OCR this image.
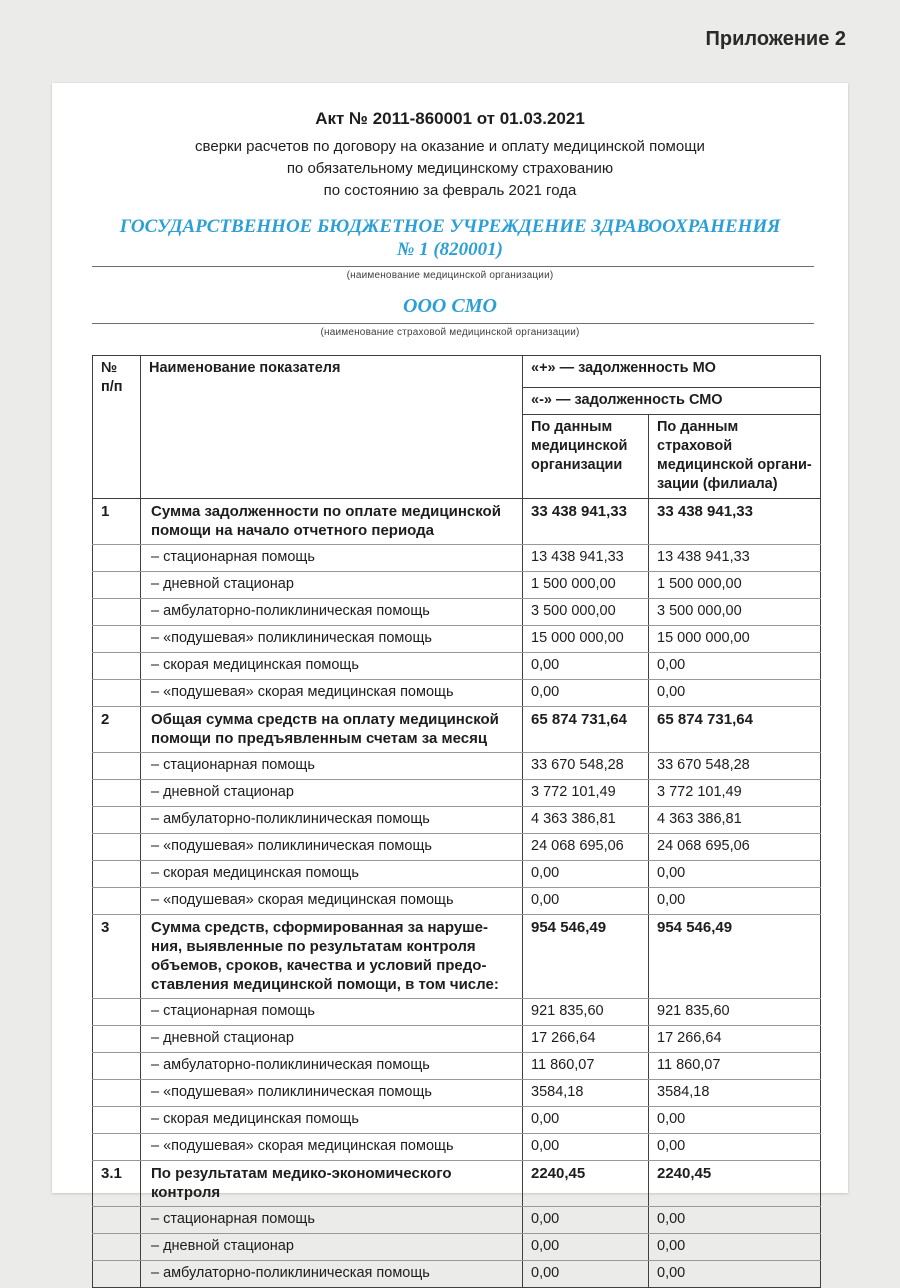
Приложение 2
Акт № 2011-860001 от 01.03.2021
сверки расчетов по договору на оказание и оплату медицинской помощи
по обязательному медицинскому страхованию
по состоянию за февраль 2021 года
ГОСУДАРСТВЕННОЕ БЮДЖЕТНОЕ УЧРЕЖДЕНИЕ ЗДРАВООХРАНЕНИЯ
№ 1 (820001)
(наименование медицинской организации)
ООО СМО
(наименование страховой медицинской организации)
№ п/п	Наименование показателя	«+» — задолженность МО	
		«-» — задолженность СМО	
		По данным медицинской организации	По данным страховой медицинской организации (филиала)
1	Сумма задолженности по оплате медицинской помощи на начало отчетного периода	33 438 941,33	33 438 941,33
	– стационарная помощь	13 438 941,33	13 438 941,33
	– дневной стационар	1 500 000,00	1 500 000,00
	– амбулаторно-поликлиническая помощь	3 500 000,00	3 500 000,00
	– «подушевая» поликлиническая помощь	15 000 000,00	15 000 000,00
	– скорая медицинская помощь	0,00	0,00
	– «подушевая» скорая медицинская помощь	0,00	0,00
2	Общая сумма средств на оплату медицинской помощи по предъявленным счетам за месяц	65 874 731,64	65 874 731,64
	– стационарная помощь	33 670 548,28	33 670 548,28
	– дневной стационар	3 772 101,49	3 772 101,49
	– амбулаторно-поликлиническая помощь	4 363 386,81	4 363 386,81
	– «подушевая» поликлиническая помощь	24 068 695,06	24 068 695,06
	– скорая медицинская помощь	0,00	0,00
	– «подушевая» скорая медицинская помощь	0,00	0,00
3	Сумма средств, сформированная за нарушения, выявленные по результатам контроля объемов, сроков, качества и условий предоставления медицинской помощи, в том числе:	954 546,49	954 546,49
	– стационарная помощь	921 835,60	921 835,60
	– дневной стационар	17 266,64	17 266,64
	– амбулаторно-поликлиническая помощь	11 860,07	11 860,07
	– «подушевая» поликлиническая помощь	3584,18	3584,18
	– скорая медицинская помощь	0,00	0,00
	– «подушевая» скорая медицинская помощь	0,00	0,00
3.1	По результатам медико-экономического контроля	2240,45	2240,45
	– стационарная помощь	0,00	0,00
	– дневной стационар	0,00	0,00
	– амбулаторно-поликлиническая помощь	0,00	0,00
